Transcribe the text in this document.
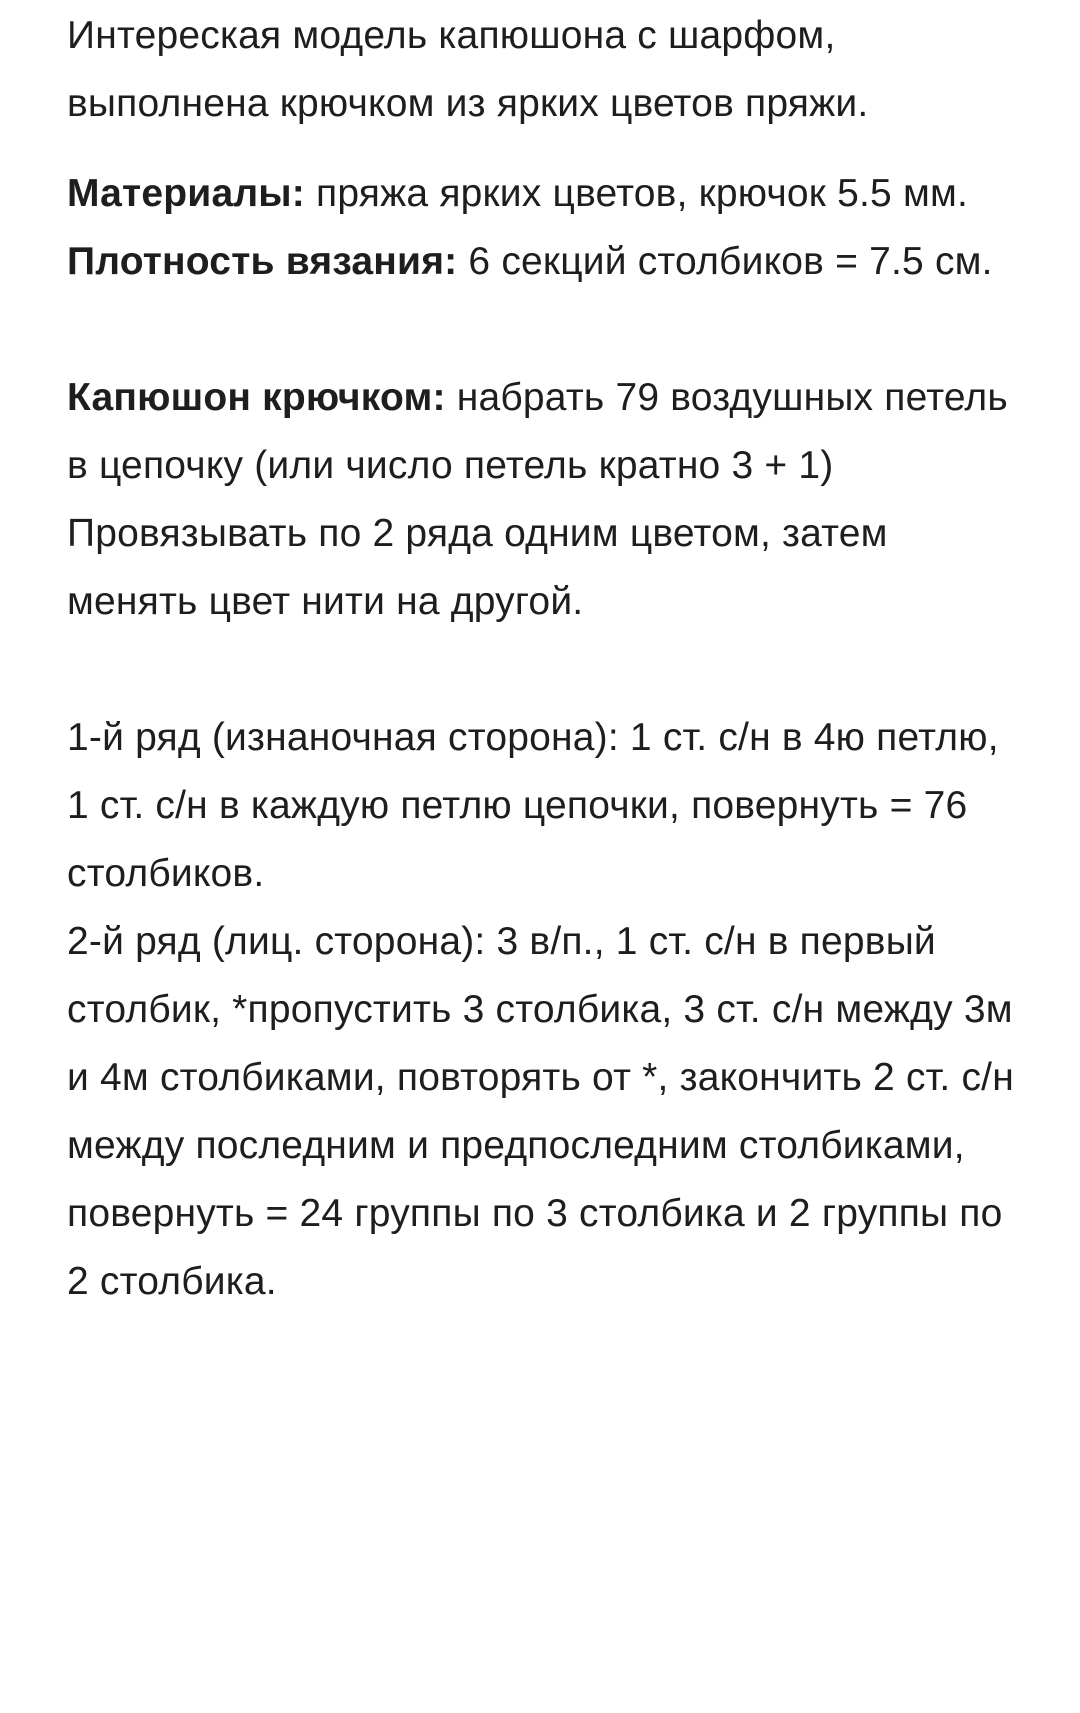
Интереская модель капюшона с шарфом, выполнена крючком из ярких цветов пряжи.

Материалы: пряжа ярких цветов, крючок 5.5 мм.

Плотность вязания: 6 секций столбиков = 7.5 см.

Капюшон крючком: набрать 79 воздушных петель в цепочку (или число петель кратно 3 + 1)

Провязывать по 2 ряда одним цветом, затем менять цвет нити на другой.

1-й ряд (изнаночная сторона): 1 ст. с/н в 4ю петлю, 1 ст. с/н в каждую петлю цепочки, повернуть = 76 столбиков.

2-й ряд (лиц. сторона): 3 в/п., 1 ст. с/н в первый столбик, *пропустить 3 столбика, 3 ст. с/н между 3м и 4м столбиками, повторять от *, закончить 2 ст. с/н между последним и предпоследним столбиками, повернуть = 24 группы по 3 столбика и 2 группы по 2 столбика.
